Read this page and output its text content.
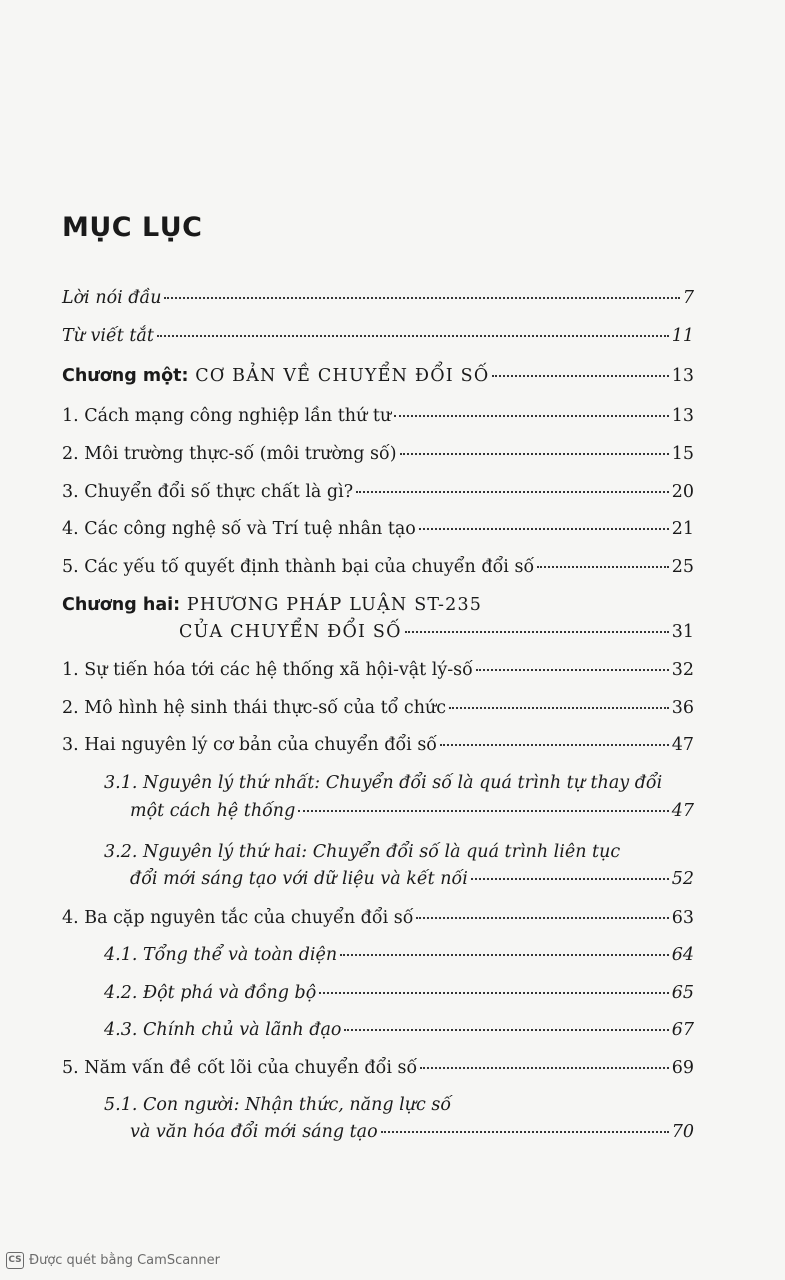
MỤC LỤC
Lời nói đầu	7
Từ viết tắt	11
Chương một: CƠ BẢN VỀ CHUYỂN ĐỔI SỐ	13
1. Cách mạng công nghiệp lần thứ tư	13
2. Môi trường thực-số (môi trường số)	15
3. Chuyển đổi số thực chất là gì?	20
4. Các công nghệ số và Trí tuệ nhân tạo	21
5. Các yếu tố quyết định thành bại của chuyển đổi số	25
Chương hai: PHƯƠNG PHÁP LUẬN ST-235
CỦA CHUYỂN ĐỔI SỐ	31
1. Sự tiến hóa tới các hệ thống xã hội-vật lý-số	32
2. Mô hình hệ sinh thái thực-số của tổ chức	36
3. Hai nguyên lý cơ bản của chuyển đổi số	47
3.1. Nguyên lý thứ nhất: Chuyển đổi số là quá trình tự thay đổi
một cách hệ thống	47
3.2. Nguyên lý thứ hai: Chuyển đổi số là quá trình liên tục
đổi mới sáng tạo với dữ liệu và kết nối	52
4. Ba cặp nguyên tắc của chuyển đổi số	63
4.1. Tổng thể và toàn diện	64
4.2. Đột phá và đồng bộ	65
4.3. Chính chủ và lãnh đạo	67
5. Năm vấn đề cốt lõi của chuyển đổi số	69
5.1. Con người: Nhận thức, năng lực số
và văn hóa đổi mới sáng tạo	70
CS Được quét bằng CamScanner
